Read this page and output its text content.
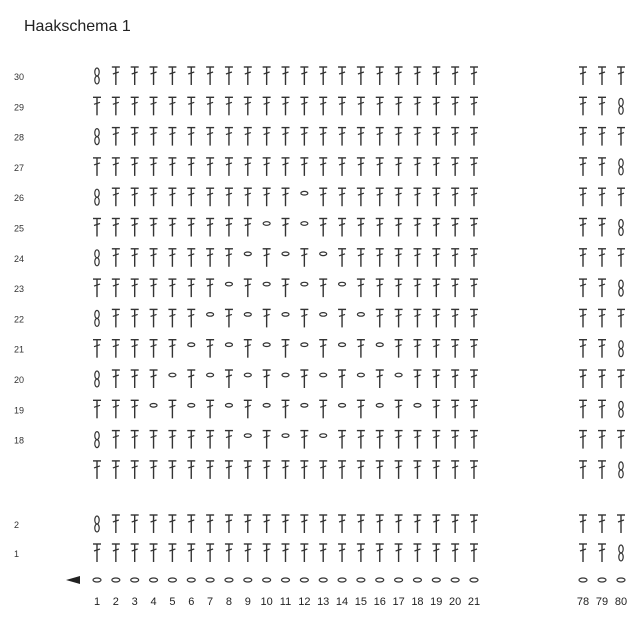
Haakschema 1
30
29
28
27
26
25
24
23
22
21
20
19
18
2
1
1 2 3 4 5 6 7 8 9 10 11 12 13 14 15 16 17 18 19 20 21	78 79 80
